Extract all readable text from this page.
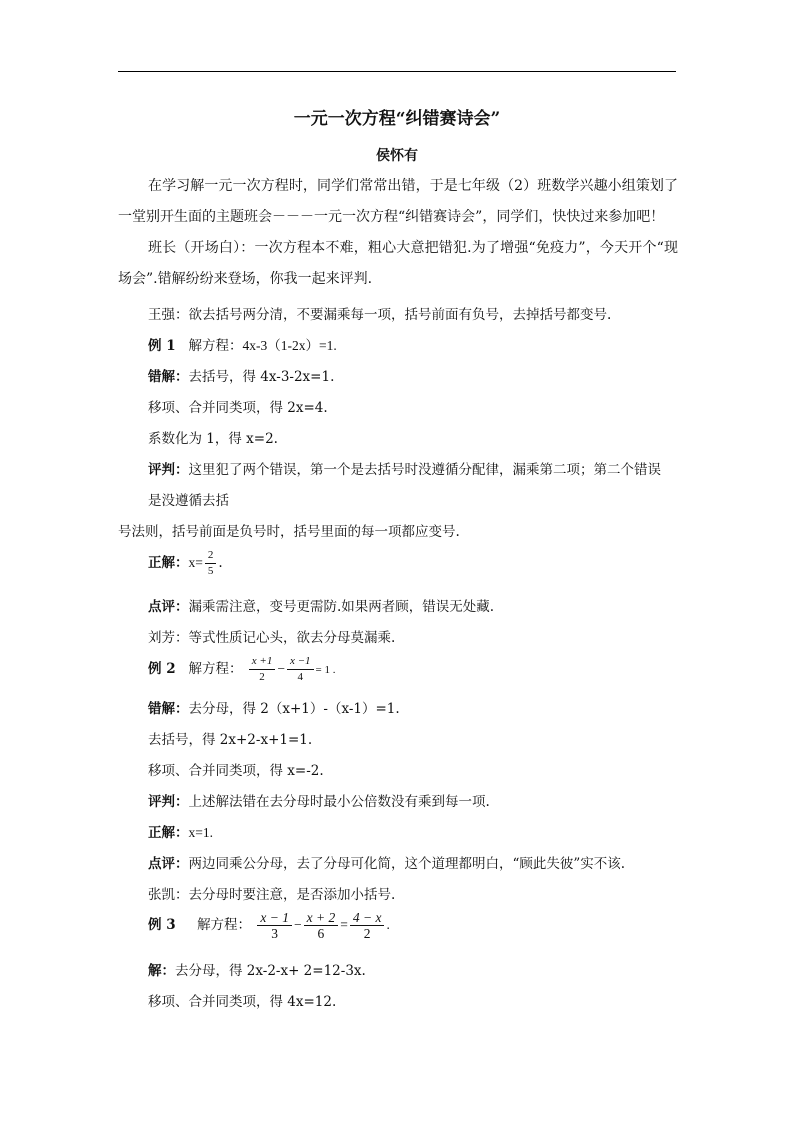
一元一次方程“纠错赛诗会”
侯怀有
在学习解一元一次方程时，同学们常常出错，于是七年级（2）班数学兴趣小组策划了一堂别开生面的主题班会－－－一元一次方程“纠错赛诗会”，同学们，快快过来参加吧！
班长（开场白）：一次方程本不难，粗心大意把错犯.为了增强“免疫力”，今天开个“现场会”.错解纷纷来登场，你我一起来评判.
王强：欲去括号两分清，不要漏乘每一项，括号前面有负号，去掉括号都变号.
例 1 解方程：4x-3（1-2x）=1.
错解：去括号，得 4x-3-2x=1.
移项、合并同类项，得 2x=4.
系数化为 1，得 x=2.
评判：这里犯了两个错误，第一个是去括号时没遵循分配律，漏乘第二项；第二个错误
是没遵循去括
号法则，括号前面是负号时，括号里面的每一项都应变号.
正解：$x= \frac{2}{5}$ .
点评：漏乘需注意，变号更需防.如果两者顾，错误无处藏.
刘芳：等式性质记心头，欲去分母莫漏乘.
例 2 解方程： $\frac{x +1}{2} - \frac{x -1}{4} = 1$ .
错解：去分母，得 2（x+1）-（x-1）=1.
去括号，得 2x+2-x+1=1.
移项、合并同类项，得 x=-2.
评判：上述解法错在去分母时最小公倍数没有乘到每一项.
正解：x=1.
点评：两边同乘公分母，去了分母可化简，这个道理都明白，“顾此失彼”实不该.
张凯：去分母时要注意，是否添加小括号.
例 3 解方程： $\frac{x - 1}{3} - \frac{x + 2}{6} = \frac{4 - x}{2}$ .
解：去分母，得 2x-2-x+ 2=12-3x.
移项、合并同类项，得 4x=12.
